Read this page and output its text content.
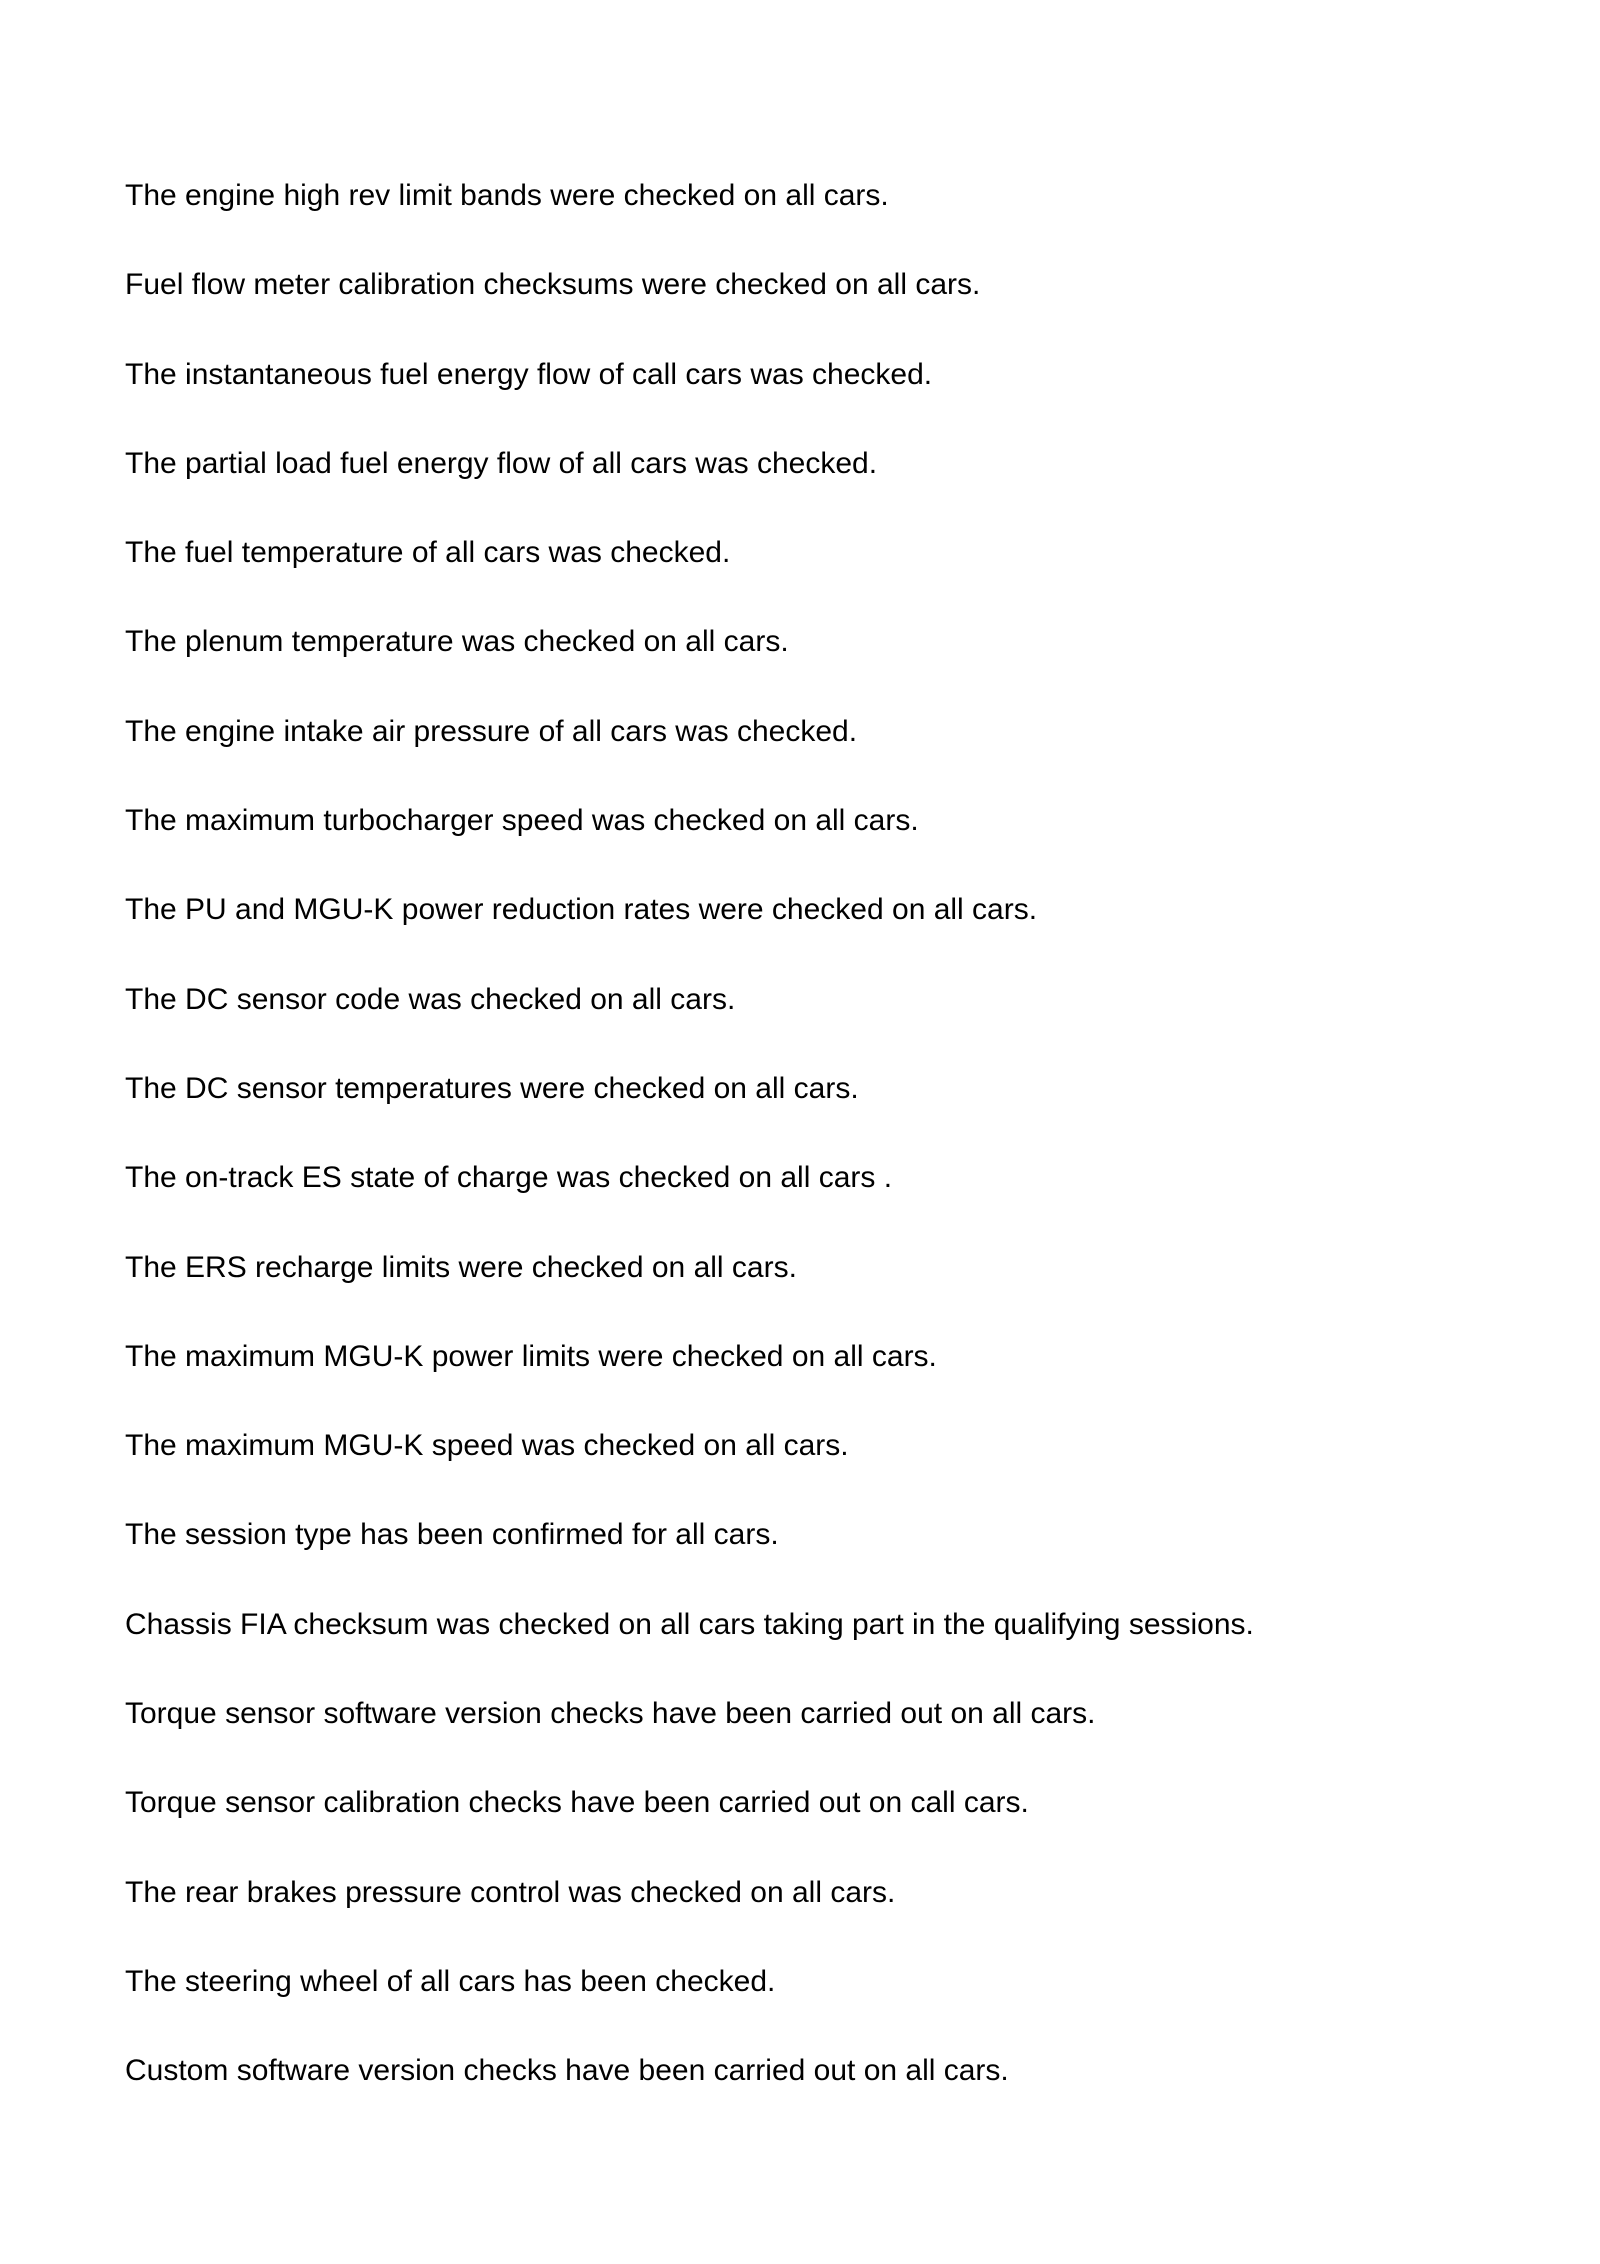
The engine high rev limit bands were checked on all cars.
Fuel flow meter calibration checksums were checked on all cars.
The instantaneous fuel energy flow of call cars was checked.
The partial load fuel energy flow of all cars was checked.
The fuel temperature of all cars was checked.
The plenum temperature was checked on all cars.
The engine intake air pressure of all cars was checked.
The maximum turbocharger speed was checked on all cars.
The PU and MGU-K power reduction rates were checked on all cars.
The DC sensor code was checked on all cars.
The DC sensor temperatures were checked on all cars.
The on-track ES state of charge was checked on all cars .
The ERS recharge limits were checked on all cars.
The maximum MGU-K power limits were checked on all cars.
The maximum MGU-K speed was checked on all cars.
The session type has been confirmed for all cars.
Chassis FIA checksum was checked on all cars taking part in the qualifying sessions.
Torque sensor software version checks have been carried out on all cars.
Torque sensor calibration checks have been carried out on call cars.
The rear brakes pressure control was checked on all cars.
The steering wheel of all cars has been checked.
Custom software version checks have been carried out on all cars.
